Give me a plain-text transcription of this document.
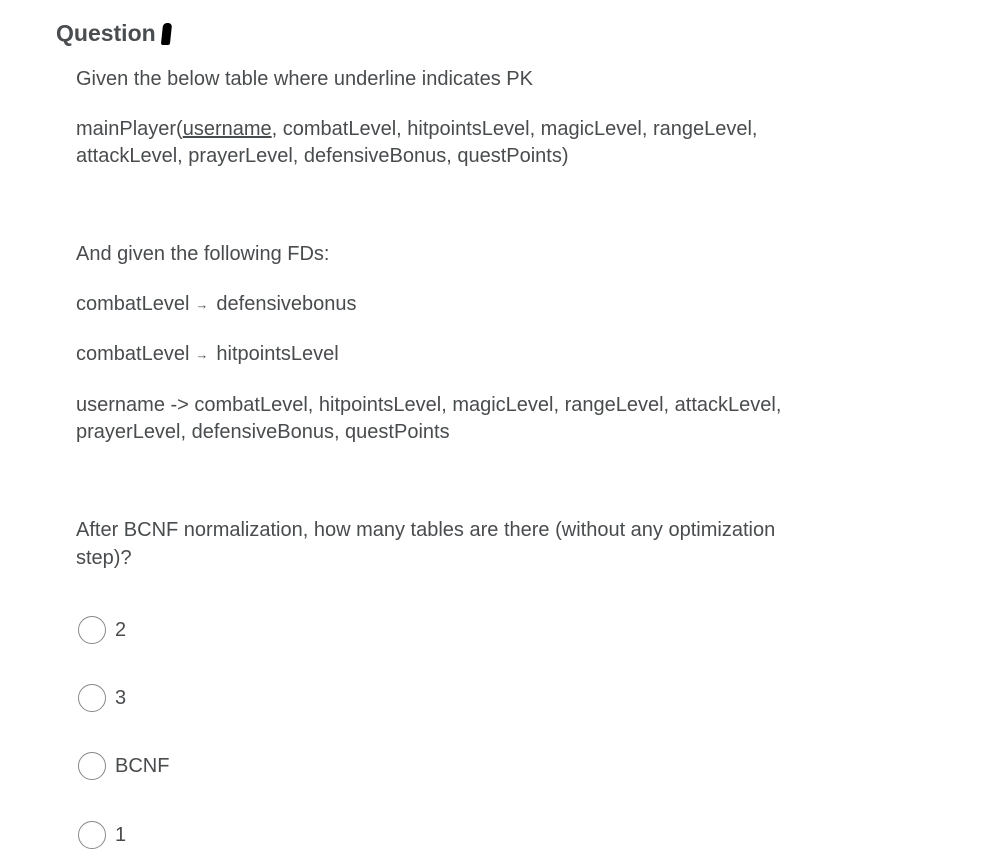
Question

Given the below table where underline indicates PK

mainPlayer(username, combatLevel, hitpointsLevel, magicLevel, rangeLevel,

attackLevel, prayerLevel, defensiveBonus, questPoints)

And given the following FDs:

combatLevel → defensivebonus

combatLevel → hitpointsLevel

username -> combatLevel, hitpointsLevel, magicLevel, rangeLevel, attackLevel,

prayerLevel, defensiveBonus, questPoints

After BCNF normalization, how many tables are there (without any optimization

step)?

2
3
BCNF
1
